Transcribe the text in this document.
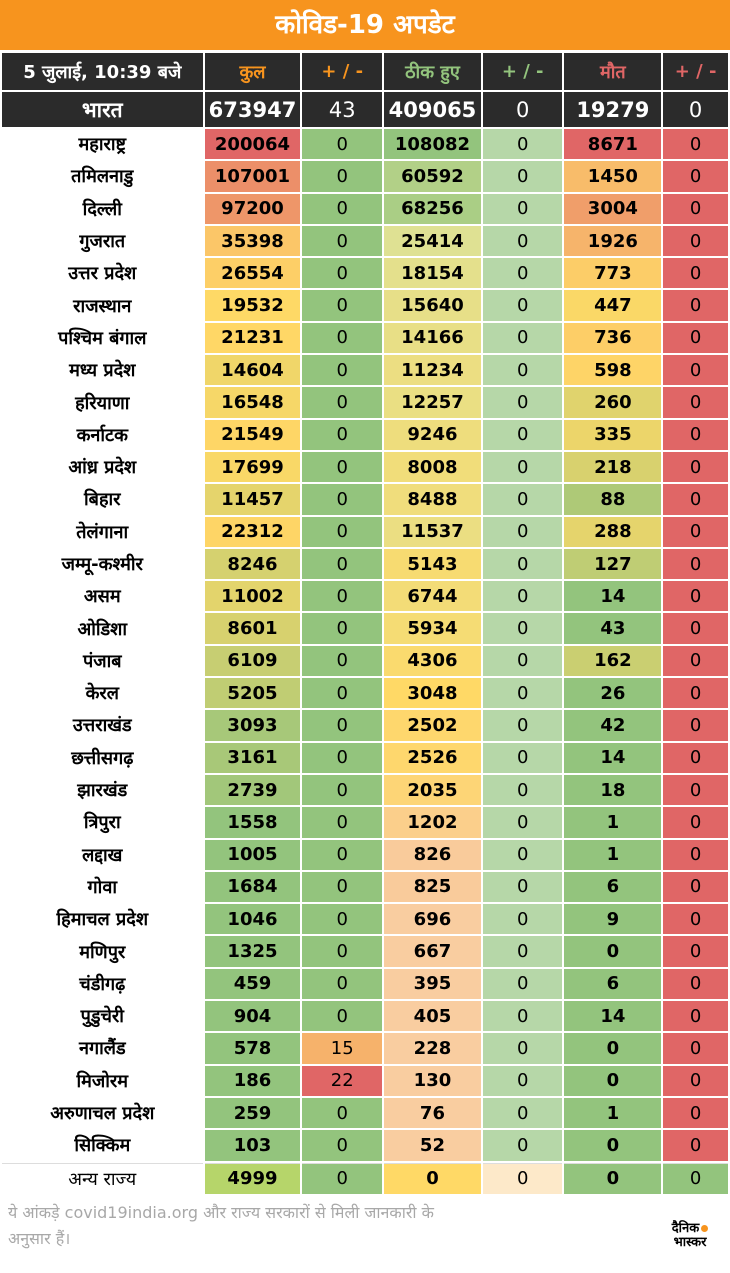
कोविड-19 अपडेट
5 जुलाई, 10:39 बजे	कुल	+ / -	ठीक हुए	+ / -	मौत	+ / -
भारत	673947	43	409065	0	19279	0
महाराष्ट्र	200064	0	108082	0	8671	0
तमिलनाडु	107001	0	60592	0	1450	0
दिल्ली	97200	0	68256	0	3004	0
गुजरात	35398	0	25414	0	1926	0
उत्तर प्रदेश	26554	0	18154	0	773	0
राजस्थान	19532	0	15640	0	447	0
पश्चिम बंगाल	21231	0	14166	0	736	0
मध्य प्रदेश	14604	0	11234	0	598	0
हरियाणा	16548	0	12257	0	260	0
कर्नाटक	21549	0	9246	0	335	0
आंध्र प्रदेश	17699	0	8008	0	218	0
बिहार	11457	0	8488	0	88	0
तेलंगाना	22312	0	11537	0	288	0
जम्मू-कश्मीर	8246	0	5143	0	127	0
असम	11002	0	6744	0	14	0
ओडिशा	8601	0	5934	0	43	0
पंजाब	6109	0	4306	0	162	0
केरल	5205	0	3048	0	26	0
उत्तराखंड	3093	0	2502	0	42	0
छत्तीसगढ़	3161	0	2526	0	14	0
झारखंड	2739	0	2035	0	18	0
त्रिपुरा	1558	0	1202	0	1	0
लद्दाख	1005	0	826	0	1	0
गोवा	1684	0	825	0	6	0
हिमाचल प्रदेश	1046	0	696	0	9	0
मणिपुर	1325	0	667	0	0	0
चंडीगढ़	459	0	395	0	6	0
पुडुचेरी	904	0	405	0	14	0
नगालैंड	578	15	228	0	0	0
मिजोरम	186	22	130	0	0	0
अरुणाचल प्रदेश	259	0	76	0	1	0
सिक्किम	103	0	52	0	0	0
अन्य राज्य	4999	0	0	0	0	0
ये आंकड़े covid19india.org और राज्य सरकारों से मिली जानकारी के अनुसार हैं।
दैनिक
भास्कर
